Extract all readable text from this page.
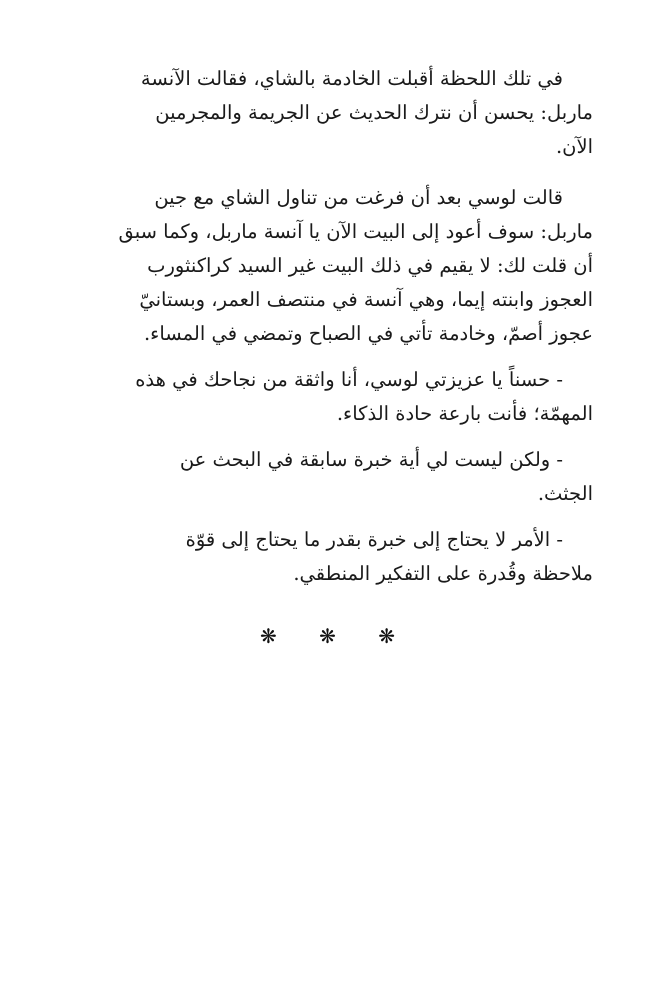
في تلك اللحظة أقبلت الخادمة بالشاي، فقالت الآنسة
ماربل: يحسن أن نترك الحديث عن الجريمة والمجرمين
الآن.

قالت لوسي بعد أن فرغت من تناول الشاي مع جين
ماربل: سوف أعود إلى البيت الآن يا آنسة ماربل، وكما سبق
أن قلت لك: لا يقيم في ذلك البيت غير السيد كراكنثورب
العجوز وابنته إيما، وهي آنسة في منتصف العمر، وبستانيّ
عجوز أصمّ، وخادمة تأتي في الصباح وتمضي في المساء.

- حسناً يا عزيزتي لوسي، أنا واثقة من نجاحك في هذه
المهمّة؛ فأنت بارعة حادة الذكاء.

- ولكن ليست لي أية خبرة سابقة في البحث عن
الجثث.

- الأمر لا يحتاج إلى خبرة بقدر ما يحتاج إلى قوّة
ملاحظة وقُدرة على التفكير المنطقي.

❋ ❋ ❋
